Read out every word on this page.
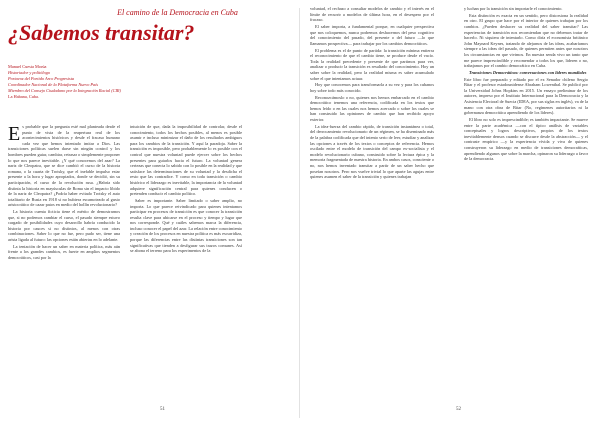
El camino de la Democracia en Cuba
¿Sabemos transitar?
Manuel Cuesta Morúa
Historiador y politólogo
Portavoz del Partido Arco Progresista
Coordinador Nacional de la Plataforma Nuevo País
Miembro del Consejo Ciudadano por la Integración Racial (CIR)
La Habana, Cuba.

Es probable que la pregunta esté mal planteada desde el punto de vista de la reapertura real de los acontecimientos históricos y desde el fracaso humano cada vez que hemos intentado imitar a Dios. Las transiciones políticas suelen darse sin ningún control y los hombres pueden guiar, cambiar, retrasar o simplemente proponer lo que nos parece inevitable. ¿Y qué conocemos del azar? La nariz de Cleopatra, que se dice cambió el curso de la historia romana, o la cuarta de Trotsky, que el inefable impulso estar presente a la hora y lugar apropiados, donde se decidió, sin su participación, el curso de la revolución rusa. ¿Habría sido distinta la historia en mayúsculas de Roma sin el impacto libido de la nariz de Cleopatra? ¿Podría haber evitado Trotsky el auto totalitario de Rusia en 1918 si no hubiera escamoteado al gusto aristocrático de cazar patos en medio del hollín revolucionario?

La historia cuenta ficticia tiene el mérito de demostrarnos que, si no podemos cambiar el curso, el pasado siempre estuvo cargado de posibilidades cuyo desarrollo habría conducido la historia por cauces si no distintos, al menos con otras combinaciones. Saber lo que no fue, pero pudo ser, tiene una arista ligada al futuro: las opciones están abiertas en lo adelante.

La tentación de hacer un saber en materia política, más aún frente a los grandes cambios, es fuerte en amplios segmentos democráticos, casi por la

intuición de que, dada la imposibilidad de controlar, desde el conocimiento, todos los hechos posibles, al menos es posible asumir e incluso minimizar el daño de los resultados ambiguos para los cambios de la transición. Y aquí la paradoja. Saber la transición es imposible, pero probablemente lo es posible con el control que nuestra voluntad puede ejercer sobre los hechos presentes para guiarlos hacia el futuro. La voluntad genera certezas que conecta lo sabido con lo posible en la realidad y que satisface las determinaciones de su voluntad y la desdicha el resto que las contradice. Y como en toda transición o cambio histórico el liderazgo es inevitable, la importancia de la voluntad adquiere significación central para quienes conducen o pretenden conducir el cambio político.

Saber es importante. Saber limitado o saber amplio, no importa. Lo que parece reivindicado para quienes intentamos participar en procesos de transición es que conocer la transición resulta clave para ubicarse en el proceso y tiempo y lugar que nos corresponde. Qué y cuáles sabemos marca la diferencia, incluso conocer el papel del azar. La relación entre conocimiento y creación de los procesos en nuestra política es más escurridiza, porque las diferencias entre las distintas transiciones son tan significativas que tienden a desfigurar sus trazos comunes. Así se abona el terreno para los experimentos de la

51

voluntad, el rechazo a consultar modelos de cambio y el interés en el límite de recurrir a modelos de última hora, en el desespero por el fracaso.

El saber importa, a fundamental porque, en cualquier perspectiva que nos coloquemos, nunca podremos deshacernos del peso cognitivo del conocimiento del pasado, del presente o del futuro —lo que llamamos prospectiva— para trabajar por los cambios democráticos.

El problema es el de punto de partida: la transición mínima entierra el reconocimiento de que el cambio tiene, se produce desde el vacío. Toda la realidad precedente y presente de que partimos para ver, analizar o producir la transición es resultado del conocimiento. Hoy un saber sobre la realidad, pero la realidad misma es saber acumulado sobre el que intentamos actuar.

Hoy que conocemos para transformarla a su vez y para los cubanos hoy sobre todo más conocido.

Reconozcámoslo o no, quienes nos hemos embarcado en el cambio democrático tenemos una referencia, codificada en los textos que hemos leído o en las cuales nos hemos acercado o sobre los cuales se han construido las opiniones de cambio que han recibido apoyo exterior.

La idea-fuerza del cambio rápido, de transición instantánea o total, del derrocamiento revolucionario de un régimen, se ha diseminado más de la palabra codificada que del intento serio de leer, estudiar y analizar las opciones a través de los textos o conceptos de referencia. Hemos oscilado entre el modelo de transición del campo ex-socialista y el modelo revolucionario cubano, construido sobre la lectura épica y la memoria fragmentada de nuestra historia. En ambos casos, consciente o no, nos hemos inventado transitar a partir de un saber hecho que poseían nosotros. Pero nos vuelve trivial lo que aparte las agujas entre quienes asumen el saber de la transición y quienes trabajan

y luchan por la transición sin importarle el conocimiento.

Esta distinción es exacta en un sentido, pero distorsiona la realidad en otro. El grupo que hace por el interior de quienes trabajan por los cambios. ¿Pueden deshacer su realidad del saber transitar? Las experiencias de transición nos recomiendan que no debemos tratar de hacerlo. Ni siquiera de intentarlo. Como diría el economista británico John Maynard Keynes, tratando de alejarnos de las ideas, acabaríamos siempre a las ideas del pasado, de quienes permiten antes que nosotros los circunstancias en que vivimos. En nuestra senda vivo un tanto que me parece imprescindible y recomendar a todos los que, lideren o no, trabajamos por el cambio democrático en Cuba.

Transiciones Democráticas: conversaciones con líderes mundiales

Este libro fue preparado y editado por el ex Senador chileno Sergio Bitar y el profesor estadounidense Abraham Lowenthal. Se publicó por la Universidad Johns Hopkins en 2015. Un ensayo preliminar de los autores, impreso por el Instituto Internacional para la Democracia y la Asistencia Electoral de Suecia (IDEA, por sus siglas en inglés), va de la mano con otra obra de Bitar (No, regímenes autoritarios ni la gobernanza democrática aprendiendo de los líderes).

El libro no solo es imprescindible; es también impactante. Se mueve entre la parte académica —con el típico análisis de variables conceptuales y logros descriptivos, propios de los textos inevitablemente densos cuando se discurre desde la abstracción— y el contraste empírico —y la experiencia vívida y viva de quienes construyeron su liderazgo en medio de transiciones democráticas, aprendiendo algunos que sobre la marcha, opinaron su liderazgo a favor de la democracia.

52
